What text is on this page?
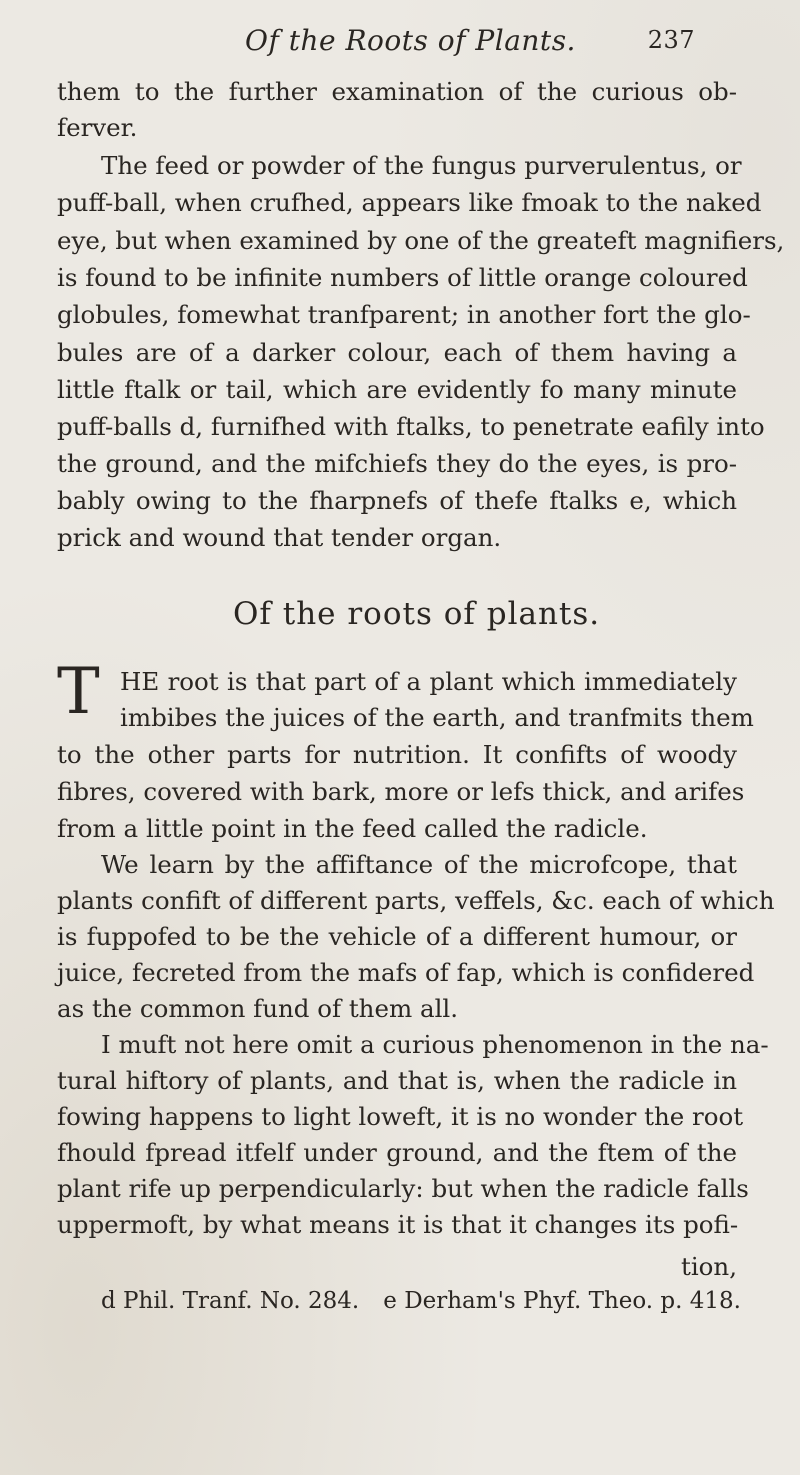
Of the Roots of Plants.	237
them to the further examination of the curious ob-
ferver.
The feed or powder of the fungus purverulentus, or
puff-ball, when crufhed, appears like fmoak to the naked
eye, but when examined by one of the greateft magnifiers,
is found to be infinite numbers of little orange coloured
globules, fomewhat tranfparent; in another fort the glo-
bules are of a darker colour, each of them having a
little ftalk or tail, which are evidently fo many minute
puff-balls d, furnifhed with ftalks, to penetrate eafily into
the ground, and the mifchiefs they do the eyes, is pro-
bably owing to the fharpnefs of thefe ftalks e, which
prick and wound that tender organ.
Of the roots of plants.
T HE root is that part of a plant which immediately
imbibes the juices of the earth, and tranfmits them
to the other parts for nutrition. It confifts of woody
fibres, covered with bark, more or lefs thick, and arifes
from a little point in the feed called the radicle.
We learn by the affiftance of the microfcope, that
plants confift of different parts, veffels, &c. each of which
is fuppofed to be the vehicle of a different humour, or
juice, fecreted from the mafs of fap, which is confidered
as the common fund of them all.
I muft not here omit a curious phenomenon in the na-
tural hiftory of plants, and that is, when the radicle in
fowing happens to light loweft, it is no wonder the root
fhould fpread itfelf under ground, and the ftem of the
plant rife up perpendicularly: but when the radicle falls
uppermoft, by what means it is that it changes its pofi-
tion,
d Phil. Tranf. No. 284. e Derham's Phyf. Theo. p. 418.
